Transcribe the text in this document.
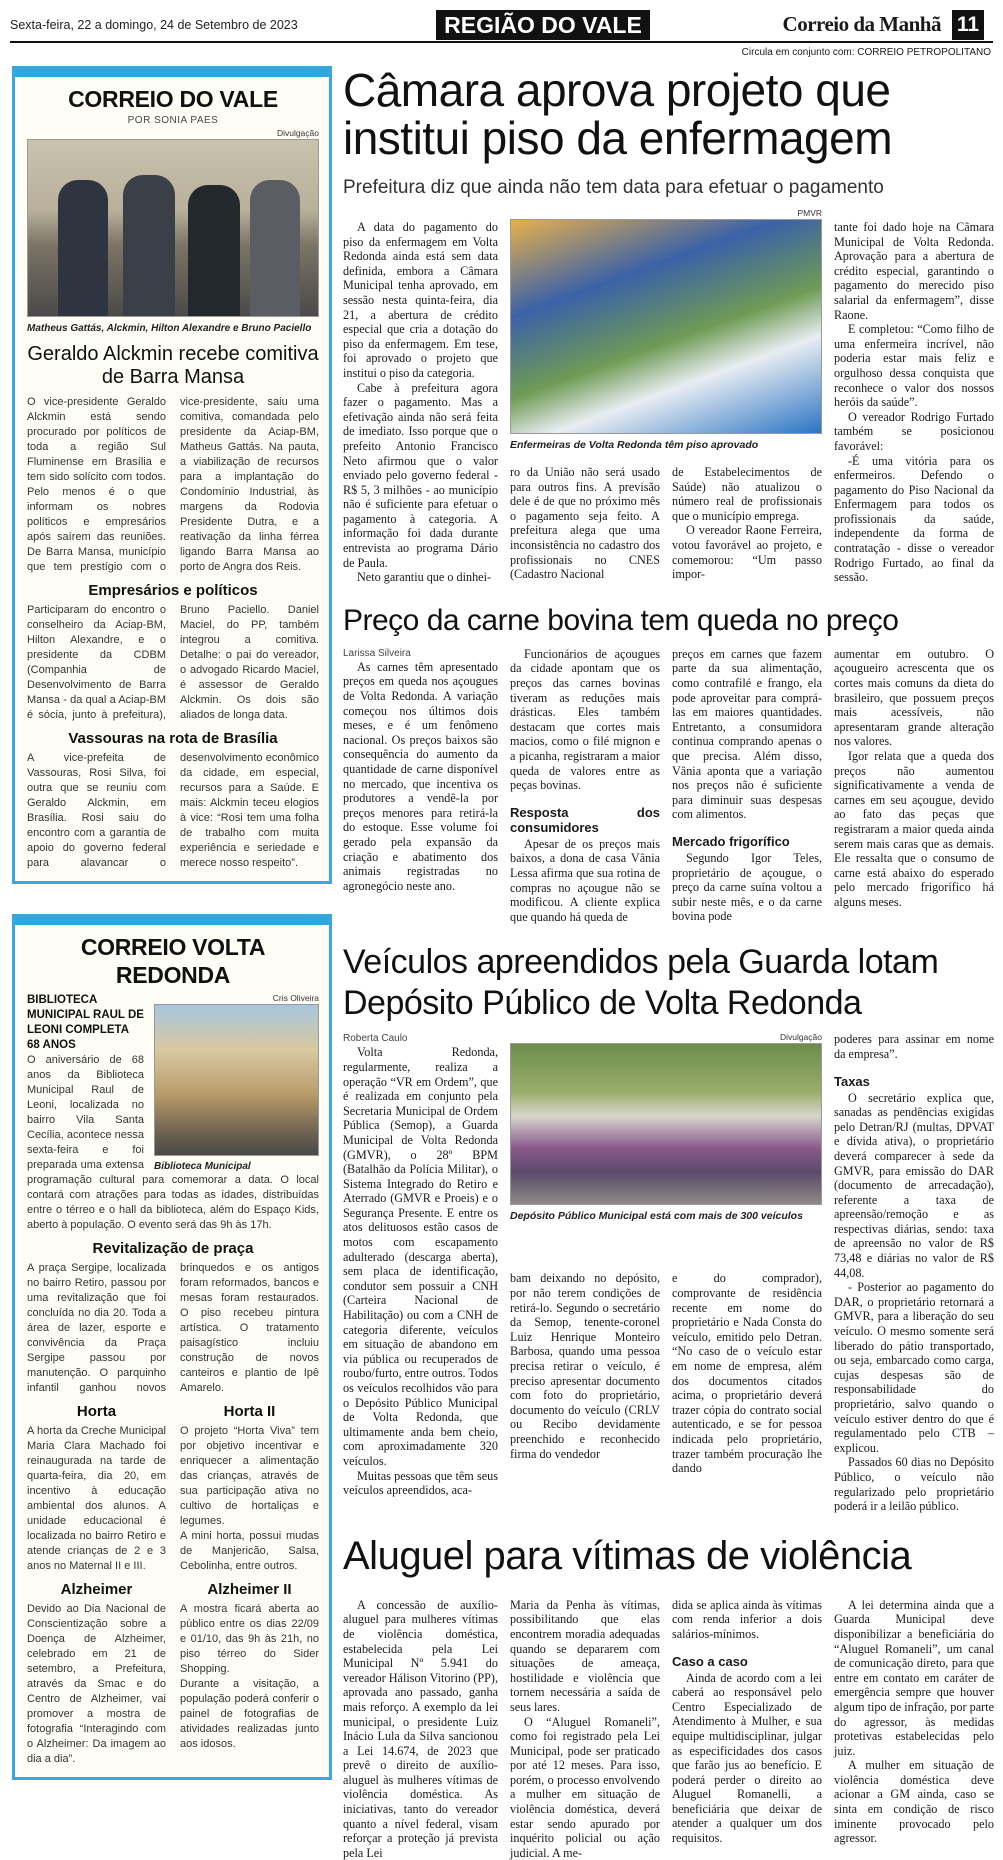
Sexta-feira, 22 a domingo, 24 de Setembro de 2023	REGIÃO DO VALE	Correio da Manhã 11
Circula em conjunto com: CORREIO PETROPOLITANO
CORREIO DO VALE
POR SONIA PAES
Divulgação
Matheus Gattás, Alckmin, Hilton Alexandre e Bruno Paciello
Geraldo Alckmin recebe comitiva de Barra Mansa

O vice-presidente Geraldo Alckmin está sendo procurado por políticos de toda a região Sul Fluminense em Brasília e tem sido solícito com todos. Pelo menos é o que informam os nobres políticos e empresários após saírem das reuniões. De Barra Mansa, município que tem prestígio com o vice-presidente, saiu uma comitiva, comandada pelo presidente da Aciap-BM, Matheus Gattás. Na pauta, a viabilização de recursos para a implantação do Condomínio Industrial, às margens da Rodovia Presidente Dutra, e a reativação da linha férrea ligando Barra Mansa ao porto de Angra dos Reis.

Empresários e políticos

Participaram do encontro o conselheiro da Aciap-BM, Hilton Alexandre, e o presidente da CDBM (Companhia de Desenvolvimento de Barra Mansa - da qual a Aciap-BM é sócia, junto à prefeitura), Bruno Paciello. Daniel Maciel, do PP, também integrou a comitiva. Detalhe: o pai do vereador, o advogado Ricardo Maciel, é assessor de Geraldo Alckmin. Os dois são aliados de longa data.

Vassouras na rota de Brasília

A vice-prefeita de Vassouras, Rosi Silva, foi outra que se reuniu com Geraldo Alckmin, em Brasília. Rosi saiu do encontro com a garantia de apoio do governo federal para alavancar o desenvolvimento econômico da cidade, em especial, recursos para a Saúde. E mais: Alckmin teceu elogios à vice: “Rosi tem uma folha de trabalho com muita experiência e seriedade e merece nosso respeito”.

CORREIO VOLTA REDONDA
Cris Oliveira
Biblioteca Municipal
BIBLIOTECA MUNICIPAL RAUL DE LEONI COMPLETA 68 ANOS
O aniversário de 68 anos da Biblioteca Municipal Raul de Leoni, localizada no bairro Vila Santa Cecília, acontece nessa sexta-feira e foi preparada uma extensa programação cultural para comemorar a data. O local contará com atrações para todas as idades, distribuídas entre o térreo e o hall da biblioteca, além do Espaço Kids, aberto à população. O evento será das 9h às 17h.
Revitalização de praça

A praça Sergipe, localizada no bairro Retiro, passou por uma revitalização que foi concluída no dia 20. Toda a área de lazer, esporte e convivência da Praça Sergipe passou por manutenção. O parquinho infantil ganhou novos brinquedos e os antigos foram reformados, bancos e mesas foram restaurados. O piso recebeu pintura artística. O tratamento paisagístico incluiu construção de novos canteiros e plantio de Ipê Amarelo.

Horta

A horta da Creche Municipal Maria Clara Machado foi reinaugurada na tarde de quarta-feira, dia 20, em incentivo à educação ambiental dos alunos. A unidade educacional é localizada no bairro Retiro e atende crianças de 2 e 3 anos no Maternal II e III.

Horta II

O projeto “Horta Viva” tem por objetivo incentivar e enriquecer a alimentação das crianças, através de sua participação ativa no cultivo de hortaliças e legumes.

A mini horta, possui mudas de Manjericão, Salsa, Cebolinha, entre outros.

Alzheimer

Devido ao Dia Nacional de Conscientização sobre a Doença de Alzheimer, celebrado em 21 de setembro, a Prefeitura, através da Smac e do Centro de Alzheimer, vai promover a mostra de fotografia “Interagindo com o Alzheimer: Da imagem ao dia a dia”.

Alzheimer II

A mostra ficará aberta ao público entre os dias 22/09 e 01/10, das 9h às 21h, no piso térreo do Sider Shopping.

Durante a visitação, a população poderá conferir o painel de fotografias de atividades realizadas junto aos idosos.

Câmara aprova projeto que institui piso da enfermagem
Prefeitura diz que ainda não tem data para efetuar o pagamento

A data do pagamento do piso da enfermagem em Volta Redonda ainda está sem data definida, embora a Câmara Municipal tenha aprovado, em sessão nesta quinta-feira, dia 21, a abertura de crédito especial que cria a dotação do piso da enfermagem. Em tese, foi aprovado o projeto que institui o piso da categoria.

Cabe à prefeitura agora fazer o pagamento. Mas a efetivação ainda não será feita de imediato. Isso porque que o prefeito Antonio Francisco Neto afirmou que o valor enviado pelo governo federal - R$ 5, 3 milhões - ao município não é suficiente para efetuar o pagamento à categoria. A informação foi dada durante entrevista ao programa Dário de Paula.

Neto garantiu que o dinhei-

PMVR
Enfermeiras de Volta Redonda têm piso aprovado

ro da União não será usado para outros fins. A previsão dele é de que no próximo mês o pagamento seja feito. A prefeitura alega que uma inconsistência no cadastro dos profissionais no CNES (Cadastro Nacional

de Estabelecimentos de Saúde) não atualizou o número real de profissionais que o município emprega.

O vereador Raone Ferreira, votou favorável ao projeto, e comemorou: “Um passo impor-

tante foi dado hoje na Câmara Municipal de Volta Redonda. Aprovação para a abertura de crédito especial, garantindo o pagamento do merecido piso salarial da enfermagem”, disse Raone.

E completou: “Como filho de uma enfermeira incrível, não poderia estar mais feliz e orgulhoso dessa conquista que reconhece o valor dos nossos heróis da saúde”.

O vereador Rodrigo Furtado também se posicionou favorável:

-É uma vitória para os enfermeiros. Defendo o pagamento do Piso Nacional da Enfermagem para todos os profissionais da saúde, independente da forma de contratação - disse o vereador Rodrigo Furtado, ao final da sessão.

Preço da carne bovina tem queda no preço
Larissa Silveira

As carnes têm apresentado preços em queda nos açougues de Volta Redonda. A variação começou nos últimos dois meses, e é um fenômeno nacional. Os preços baixos são consequência do aumento da quantidade de carne disponível no mercado, que incentiva os produtores a vendê-la por preços menores para retirá-la do estoque. Esse volume foi gerado pela expansão da criação e abatimento dos animais registradas no agronegócio neste ano.

Funcionários de açougues da cidade apontam que os preços das carnes bovinas tiveram as reduções mais drásticas. Eles também destacam que cortes mais macios, como o filé mignon e a picanha, registraram a maior queda de valores entre as peças bovinas.

Resposta dos consumidores

Apesar de os preços mais baixos, a dona de casa Vânia Lessa afirma que sua rotina de compras no açougue não se modificou. A cliente explica que quando há queda de

preços em carnes que fazem parte da sua alimentação, como contrafilé e frango, ela pode aproveitar para comprá-las em maiores quantidades. Entretanto, a consumidora continua comprando apenas o que precisa. Além disso, Vânia aponta que a variação nos preços não é suficiente para diminuir suas despesas com alimentos.

Mercado frigorífico

Segundo Igor Teles, proprietário de açougue, o preço da carne suína voltou a subir neste mês, e o da carne bovina pode

aumentar em outubro. O açougueiro acrescenta que os cortes mais comuns da dieta do brasileiro, que possuem preços mais acessíveis, não apresentaram grande alteração nos valores.

Igor relata que a queda dos preços não aumentou significativamente a venda de carnes em seu açougue, devido ao fato das peças que registraram a maior queda ainda serem mais caras que as demais. Ele ressalta que o consumo de carne está abaixo do esperado pelo mercado frigorífico há alguns meses.

Veículos apreendidos pela Guarda lotam Depósito Público de Volta Redonda
Roberta Caulo

Volta Redonda, regularmente, realiza a operação “VR em Ordem”, que é realizada em conjunto pela Secretaria Municipal de Ordem Pública (Semop), a Guarda Municipal de Volta Redonda (GMVR), o 28º BPM (Batalhão da Polícia Militar), o Sistema Integrado do Retiro e Aterrado (GMVR e Proeis) e o Segurança Presente. E entre os atos delituosos estão casos de motos com escapamento adulterado (descarga aberta), sem placa de identificação, condutor sem possuir a CNH (Carteira Nacional de Habilitação) ou com a CNH de categoria diferente, veículos em situação de abandono em via pública ou recuperados de roubo/furto, entre outros. Todos os veículos recolhidos vão para o Depósito Público Municipal de Volta Redonda, que ultimamente anda bem cheio, com aproximadamente 320 veículos.

Muitas pessoas que têm seus veículos apreendidos, aca-

Divulgação
Depósito Público Municipal está com mais de 300 veículos

bam deixando no depósito, por não terem condições de retirá-lo. Segundo o secretário da Semop, tenente-coronel Luiz Henrique Monteiro Barbosa, quando uma pessoa precisa retirar o veículo, é preciso apresentar documento com foto do proprietário, documento do veículo (CRLV ou Recibo devidamente preenchido e reconhecido firma do vendedor

e do comprador), comprovante de residência recente em nome do proprietário e Nada Consta do veículo, emitido pelo Detran. “No caso de o veículo estar em nome de empresa, além dos documentos citados acima, o proprietário deverá trazer cópia do contrato social autenticado, e se for pessoa indicada pelo proprietário, trazer também procuração lhe dando

poderes para assinar em nome da empresa”.

Taxas

O secretário explica que, sanadas as pendências exigidas pelo Detran/RJ (multas, DPVAT e dívida ativa), o proprietário deverá comparecer à sede da GMVR, para emissão do DAR (documento de arrecadação), referente a taxa de apreensão/remoção e as respectivas diárias, sendo: taxa de apreensão no valor de R$ 73,48 e diárias no valor de R$ 44,08.

- Posterior ao pagamento do DAR, o proprietário retornará a GMVR, para a liberação do seu veículo. O mesmo somente será liberado do pátio transportado, ou seja, embarcado como carga, cujas despesas são de responsabilidade do proprietário, salvo quando o veículo estiver dentro do que é regulamentado pelo CTB – explicou.

Passados 60 dias no Depósito Público, o veículo não regularizado pelo proprietário poderá ir a leilão público.

Aluguel para vítimas de violência

A concessão de auxílio-aluguel para mulheres vítimas de violência doméstica, estabelecida pela Lei Municipal Nº 5.941 do vereador Hálison Vitorino (PP), aprovada ano passado, ganha mais reforço. A exemplo da lei municipal, o presidente Luiz Inácio Lula da Silva sancionou a Lei 14.674, de 2023 que prevê o direito de auxílio-aluguel às mulheres vítimas de violência doméstica. As iniciativas, tanto do vereador quanto a nível federal, visam reforçar a proteção já prevista pela Lei

Maria da Penha às vítimas, possibilitando que elas encontrem moradia adequadas quando se depararem com situações de ameaça, hostilidade e violência que tornem necessária a saída de seus lares.

O “Aluguel Romaneli”, como foi registrado pela Lei Municipal, pode ser praticado por até 12 meses. Para isso, porém, o processo envolvendo a mulher em situação de violência doméstica, deverá estar sendo apurado por inquérito policial ou ação judicial. A me-

dida se aplica ainda às vítimas com renda inferior a dois salários-mínimos.

Caso a caso

Ainda de acordo com a lei caberá ao responsável pelo Centro Especializado de Atendimento à Mulher, e sua equipe multidisciplinar, julgar as especificidades dos casos que farão jus ao benefício. E poderá perder o direito ao Aluguel Romanelli, a beneficiária que deixar de atender a qualquer um dos requisitos.

A lei determina ainda que a Guarda Municipal deve disponibilizar a beneficiária do “Aluguel Romaneli”, um canal de comunicação direto, para que entre em contato em caráter de emergência sempre que houver algum tipo de infração, por parte do agressor, às medidas protetivas estabelecidas pelo juiz.

A mulher em situação de violência doméstica deve acionar a GM ainda, caso se sinta em condição de risco iminente provocado pelo agressor.
